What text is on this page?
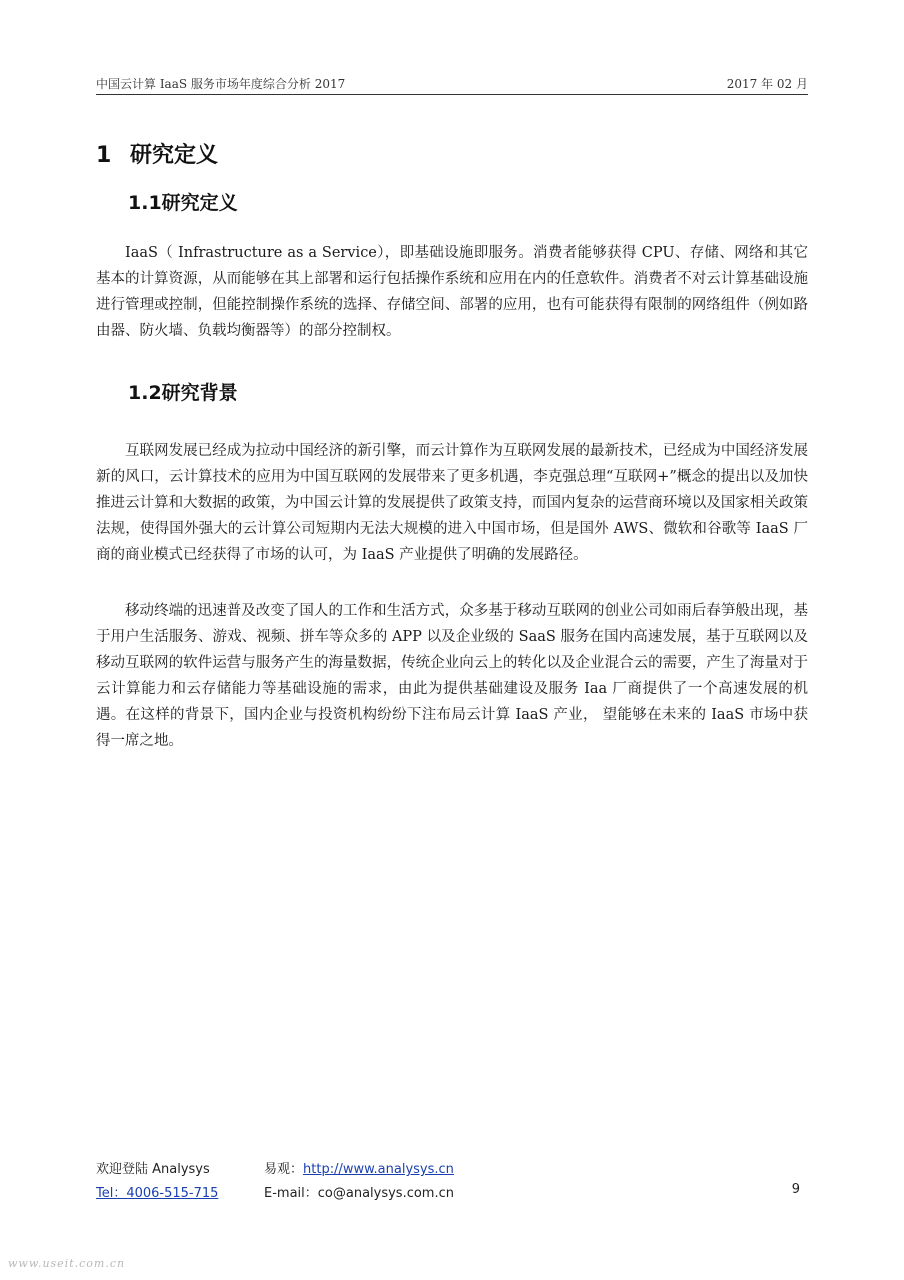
中国云计算 IaaS 服务市场年度综合分析 2017	2017 年 02 月
1 研究定义
1.1研究定义

IaaS（ Infrastructure as a Service），即基础设施即服务。消费者能够获得 CPU、存储、网络和其它基本的计算资源，从而能够在其上部署和运行包括操作系统和应用在内的任意软件。消费者不对云计算基础设施进行管理或控制，但能控制操作系统的选择、存储空间、部署的应用，也有可能获得有限制的网络组件（例如路由器、防火墙、负载均衡器等）的部分控制权。

1.2研究背景

互联网发展已经成为拉动中国经济的新引擎，而云计算作为互联网发展的最新技术，已经成为中国经济发展新的风口，云计算技术的应用为中国互联网的发展带来了更多机遇，李克强总理“互联网+”概念的提出以及加快推进云计算和大数据的政策，为中国云计算的发展提供了政策支持，而国内复杂的运营商环境以及国家相关政策法规，使得国外强大的云计算公司短期内无法大规模的进入中国市场，但是国外 AWS、微软和谷歌等 IaaS 厂商的商业模式已经获得了市场的认可，为 IaaS 产业提供了明确的发展路径。

移动终端的迅速普及改变了国人的工作和生活方式，众多基于移动互联网的创业公司如雨后春笋般出现，基于用户生活服务、游戏、视频、拼车等众多的 APP 以及企业级的 SaaS 服务在国内高速发展，基于互联网以及移动互联网的软件运营与服务产生的海量数据，传统企业向云上的转化以及企业混合云的需要，产生了海量对于云计算能力和云存储能力等基础设施的需求，由此为提供基础建设及服务 Iaa 厂商提供了一个高速发展的机遇。在这样的背景下，国内企业与投资机构纷纷下注布局云计算 IaaS 产业， 望能够在未来的 IaaS 市场中获得一席之地。

欢迎登陆 Analysys	易观：http://www.analysys.cn
Tel：4006-515-715	E-mail：co@analysys.com.cn	9
www.useit.com.cn
